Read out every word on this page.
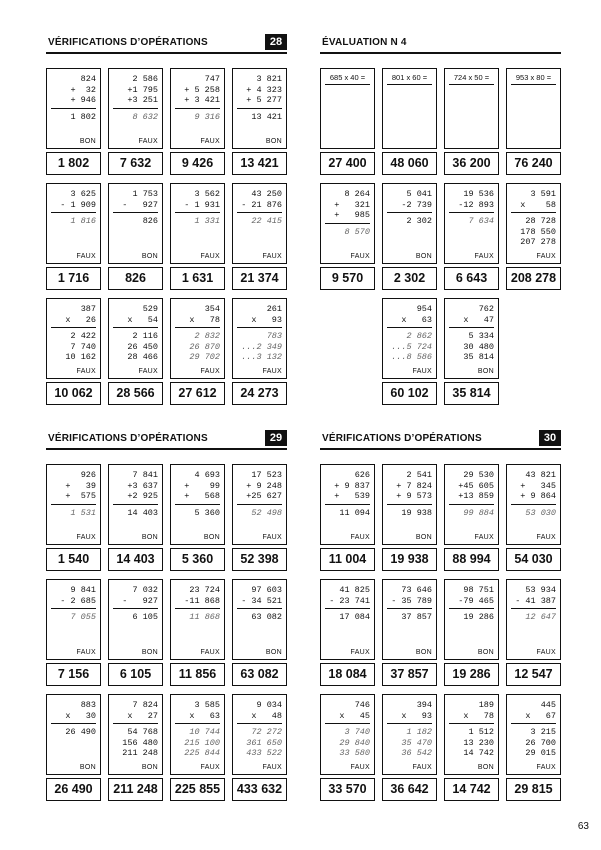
VÉRIFICATIONS D’OPÉRATIONS	28
824
+  32
+ 946
1 802
BON
1 802
2 586
+1 795
+3 251
8 632
FAUX
7 632
747
+ 5 258
+ 3 421
9 316
FAUX
9 426
3 821
+ 4 323
+ 5 277
13 421
BON
13 421
3 625
- 1 909
1 816
FAUX
1 716
1 753
-   927
826
BON
826
3 562
- 1 931
1 331
FAUX
1 631
43 250
- 21 876
22 415
FAUX
21 374
387
x   26
2 422
7 740
10 162
FAUX
10 062
529
x   54
2 116
26 450
28 466
FAUX
28 566
354
x   78
2 832
26 870
29 702
FAUX
27 612
261
x   93
783
...2 349
...3 132
FAUX
24 273
ÉVALUATION N 4
685 x 40 =
27 400
801 x 60 =
48 060
724 x 50 =
36 200
953 x 80 =
76 240
8 264
+   321
+   985
8 570
FAUX
9 570
5 041
-2 739
2 302
BON
2 302
19 536
-12 893
7 634
FAUX
6 643
3 591
x    58
28 728
178 550
207 278
FAUX
208 278
954
x   63
2 862
...5 724
...8 586
FAUX
60 102
762
x   47
5 334
30 480
35 814
BON
35 814
VÉRIFICATIONS D’OPÉRATIONS	29
926
+   39
+  575
1 531
FAUX
1 540
7 841
+3 637
+2 925
14 403
BON
14 403
4 693
+    99
+   568
5 360
BON
5 360
17 523
+ 9 248
+25 627
52 498
FAUX
52 398
9 841
- 2 685
7 055
FAUX
7 156
7 032
-   927
6 105
BON
6 105
23 724
-11 868
11 868
FAUX
11 856
97 603
- 34 521
63 082
BON
63 082
883
x   30
26 490
BON
26 490
7 824
x   27
54 768
156 480
211 248
BON
211 248
3 585
x   63
10 744
215 100
225 844
FAUX
225 855
9 034
x   48
72 272
361 650
433 522
FAUX
433 632
VÉRIFICATIONS D’OPÉRATIONS	30
626
+ 9 837
+   539
11 094
FAUX
11 004
2 541
+ 7 824
+ 9 573
19 938
BON
19 938
29 530
+45 605
+13 859
99 884
FAUX
88 994
43 821
+   345
+ 9 864
53 030
FAUX
54 030
41 825
- 23 741
17 084
FAUX
18 084
73 646
- 35 789
37 857
BON
37 857
98 751
-79 465
19 286
BON
19 286
53 934
- 41 387
12 647
FAUX
12 547
746
x   45
3 740
29 840
33 580
FAUX
33 570
394
x   93
1 182
35 470
36 542
FAUX
36 642
189
x   78
1 512
13 230
14 742
BON
14 742
445
x   67
3 215
26 700
29 015
FAUX
29 815
63
